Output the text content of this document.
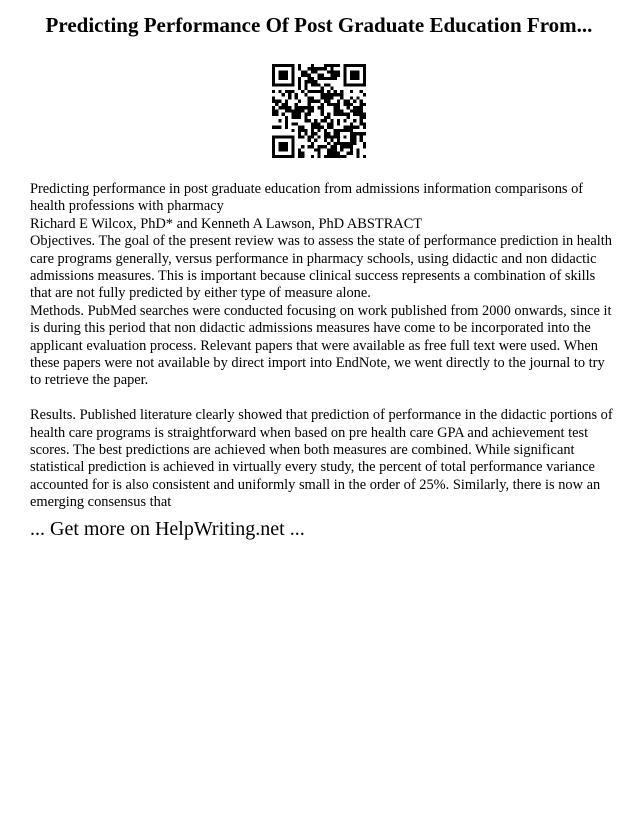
Predicting Performance Of Post Graduate Education From...

Predicting performance in post graduate education from admissions information comparisons of health professions with pharmacy

Richard E Wilcox, PhD* and Kenneth A Lawson, PhD ABSTRACT

Objectives. The goal of the present review was to assess the state of performance prediction in health care programs generally, versus performance in pharmacy schools, using didactic and non didactic admissions measures. This is important because clinical success represents a combination of skills that are not fully predicted by either type of measure alone.

Methods. PubMed searches were conducted focusing on work published from 2000 onwards, since it is during this period that non didactic admissions measures have come to be incorporated into the applicant evaluation process. Relevant papers that were available as free full text were used. When these papers were not available by direct import into EndNote, we went directly to the journal to try to retrieve the paper.

Results. Published literature clearly showed that prediction of performance in the didactic portions of health care programs is straightforward when based on pre health care GPA and achievement test scores. The best predictions are achieved when both measures are combined. While significant statistical prediction is achieved in virtually every study, the percent of total performance variance accounted for is also consistent and uniformly small in the order of 25%. Similarly, there is now an emerging consensus that

... Get more on HelpWriting.net ...
